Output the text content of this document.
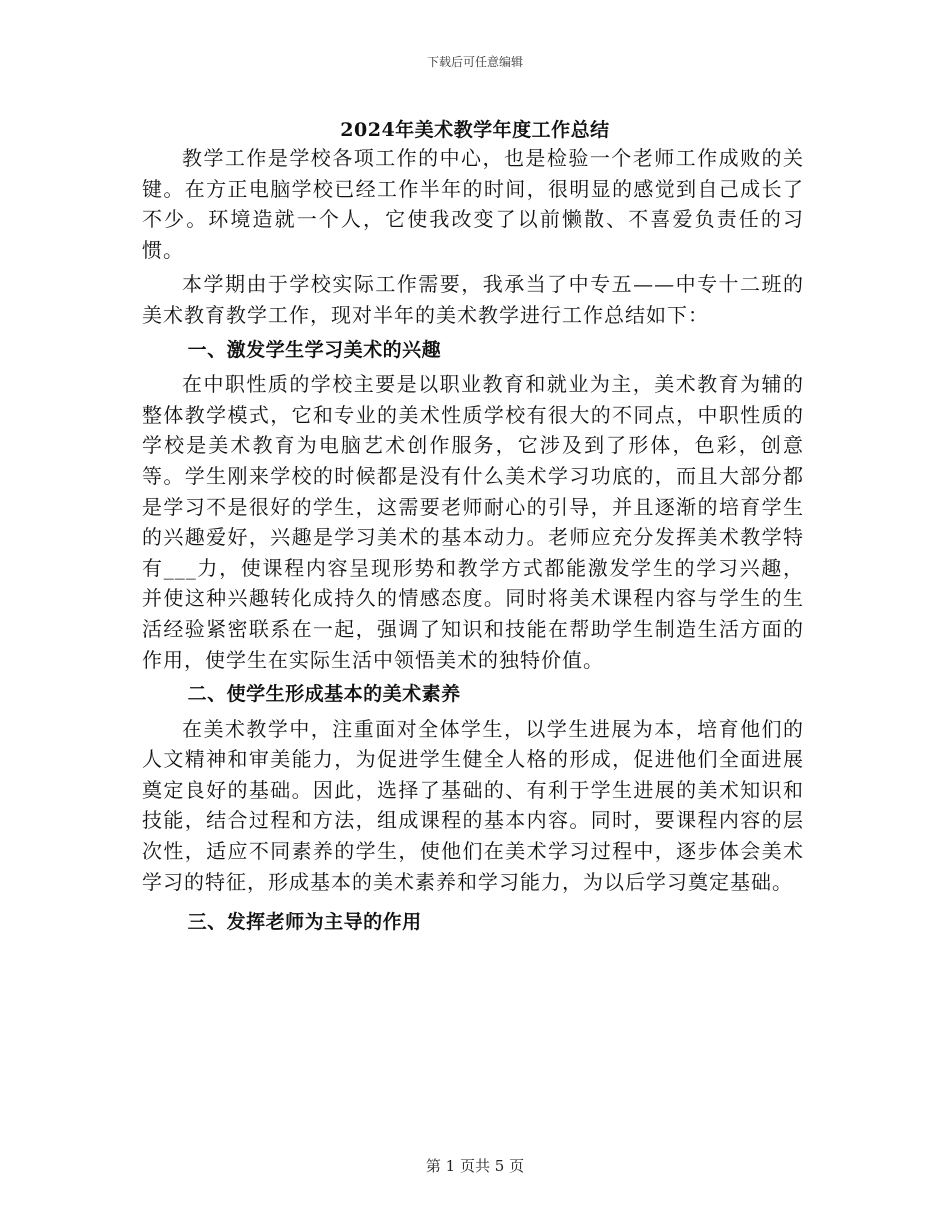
下载后可任意编辑
2024年美术教学年度工作总结

教学工作是学校各项工作的中心，也是检验一个老师工作成败的关键。在方正电脑学校已经工作半年的时间，很明显的感觉到自己成长了不少。环境造就一个人，它使我改变了以前懒散、不喜爱负责任的习惯。

本学期由于学校实际工作需要，我承当了中专五——中专十二班的美术教育教学工作，现对半年的美术教学进行工作总结如下：

一、激发学生学习美术的兴趣

在中职性质的学校主要是以职业教育和就业为主，美术教育为辅的整体教学模式，它和专业的美术性质学校有很大的不同点，中职性质的学校是美术教育为电脑艺术创作服务，它涉及到了形体，色彩，创意等。学生刚来学校的时候都是没有什么美术学习功底的，而且大部分都是学习不是很好的学生，这需要老师耐心的引导，并且逐渐的培育学生的兴趣爱好，兴趣是学习美术的基本动力。老师应充分发挥美术教学特有___力，使课程内容呈现形势和教学方式都能激发学生的学习兴趣，并使这种兴趣转化成持久的情感态度。同时将美术课程内容与学生的生活经验紧密联系在一起，强调了知识和技能在帮助学生制造生活方面的作用，使学生在实际生活中领悟美术的独特价值。

二、使学生形成基本的美术素养

在美术教学中，注重面对全体学生，以学生进展为本，培育他们的人文精神和审美能力，为促进学生健全人格的形成，促进他们全面进展奠定良好的基础。因此，选择了基础的、有利于学生进展的美术知识和技能，结合过程和方法，组成课程的基本内容。同时，要课程内容的层次性，适应不同素养的学生，使他们在美术学习过程中，逐步体会美术学习的特征，形成基本的美术素养和学习能力，为以后学习奠定基础。

三、发挥老师为主导的作用
第 1 页共 5 页
